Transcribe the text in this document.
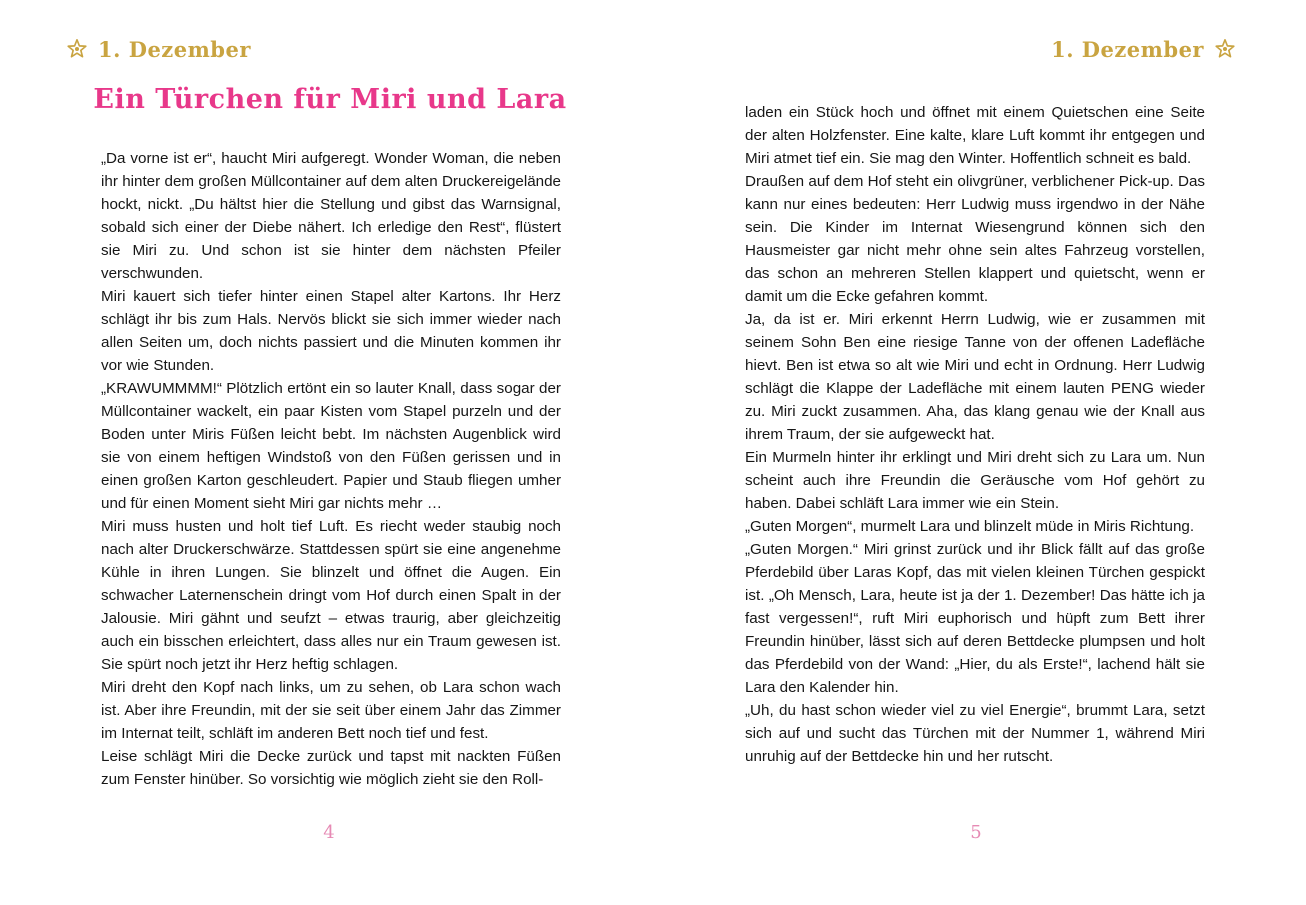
1. Dezember
Ein Türchen für Miri und Lara

„Da vorne ist er“, haucht Miri aufgeregt. Wonder Woman, die neben ihr hinter dem großen Müllcontainer auf dem alten Druckereigelände hockt, nickt. „Du hältst hier die Stellung und gibst das Warnsignal, sobald sich einer der Diebe nähert. Ich erledige den Rest“, flüstert sie Miri zu. Und schon ist sie hinter dem nächsten Pfeiler verschwunden.

Miri kauert sich tiefer hinter einen Stapel alter Kartons. Ihr Herz schlägt ihr bis zum Hals. Nervös blickt sie sich immer wieder nach allen Seiten um, doch nichts passiert und die Minuten kommen ihr vor wie Stunden.

„KRAWUMMMM!“ Plötzlich ertönt ein so lauter Knall, dass sogar der Müllcontainer wackelt, ein paar Kisten vom Stapel purzeln und der Boden unter Miris Füßen leicht bebt. Im nächsten Augenblick wird sie von einem heftigen Windstoß von den Füßen gerissen und in einen großen Karton geschleudert. Papier und Staub fliegen umher und für einen Moment sieht Miri gar nichts mehr …

Miri muss husten und holt tief Luft. Es riecht weder staubig noch nach alter Druckerschwärze. Stattdessen spürt sie eine angenehme Kühle in ihren Lungen. Sie blinzelt und öffnet die Augen. Ein schwacher Laternenschein dringt vom Hof durch einen Spalt in der Jalousie. Miri gähnt und seufzt – etwas traurig, aber gleichzeitig auch ein bisschen erleichtert, dass alles nur ein Traum gewesen ist. Sie spürt noch jetzt ihr Herz heftig schlagen.

Miri dreht den Kopf nach links, um zu sehen, ob Lara schon wach ist. Aber ihre Freundin, mit der sie seit über einem Jahr das Zimmer im Internat teilt, schläft im anderen Bett noch tief und fest.

Leise schlägt Miri die Decke zurück und tapst mit nackten Füßen zum Fenster hinüber. So vorsichtig wie möglich zieht sie den Roll-

4
1. Dezember

laden ein Stück hoch und öffnet mit einem Quietschen eine Seite der alten Holzfenster. Eine kalte, klare Luft kommt ihr entgegen und Miri atmet tief ein. Sie mag den Winter. Hoffentlich schneit es bald.

Draußen auf dem Hof steht ein olivgrüner, verblichener Pick-up. Das kann nur eines bedeuten: Herr Ludwig muss irgendwo in der Nähe sein. Die Kinder im Internat Wiesengrund können sich den Hausmeister gar nicht mehr ohne sein altes Fahrzeug vorstellen, das schon an mehreren Stellen klappert und quietscht, wenn er damit um die Ecke gefahren kommt.

Ja, da ist er. Miri erkennt Herrn Ludwig, wie er zusammen mit seinem Sohn Ben eine riesige Tanne von der offenen Ladefläche hievt. Ben ist etwa so alt wie Miri und echt in Ordnung. Herr Ludwig schlägt die Klappe der Ladefläche mit einem lauten PENG wieder zu. Miri zuckt zusammen. Aha, das klang genau wie der Knall aus ihrem Traum, der sie aufgeweckt hat.

Ein Murmeln hinter ihr erklingt und Miri dreht sich zu Lara um. Nun scheint auch ihre Freundin die Geräusche vom Hof gehört zu haben. Dabei schläft Lara immer wie ein Stein.

„Guten Morgen“, murmelt Lara und blinzelt müde in Miris Richtung.

„Guten Morgen.“ Miri grinst zurück und ihr Blick fällt auf das große Pferdebild über Laras Kopf, das mit vielen kleinen Türchen gespickt ist. „Oh Mensch, Lara, heute ist ja der 1. Dezember! Das hätte ich ja fast vergessen!“, ruft Miri euphorisch und hüpft zum Bett ihrer Freundin hinüber, lässt sich auf deren Bettdecke plumpsen und holt das Pferdebild von der Wand: „Hier, du als Erste!“, lachend hält sie Lara den Kalender hin.

„Uh, du hast schon wieder viel zu viel Energie“, brummt Lara, setzt sich auf und sucht das Türchen mit der Nummer 1, während Miri unruhig auf der Bettdecke hin und her rutscht.

5
